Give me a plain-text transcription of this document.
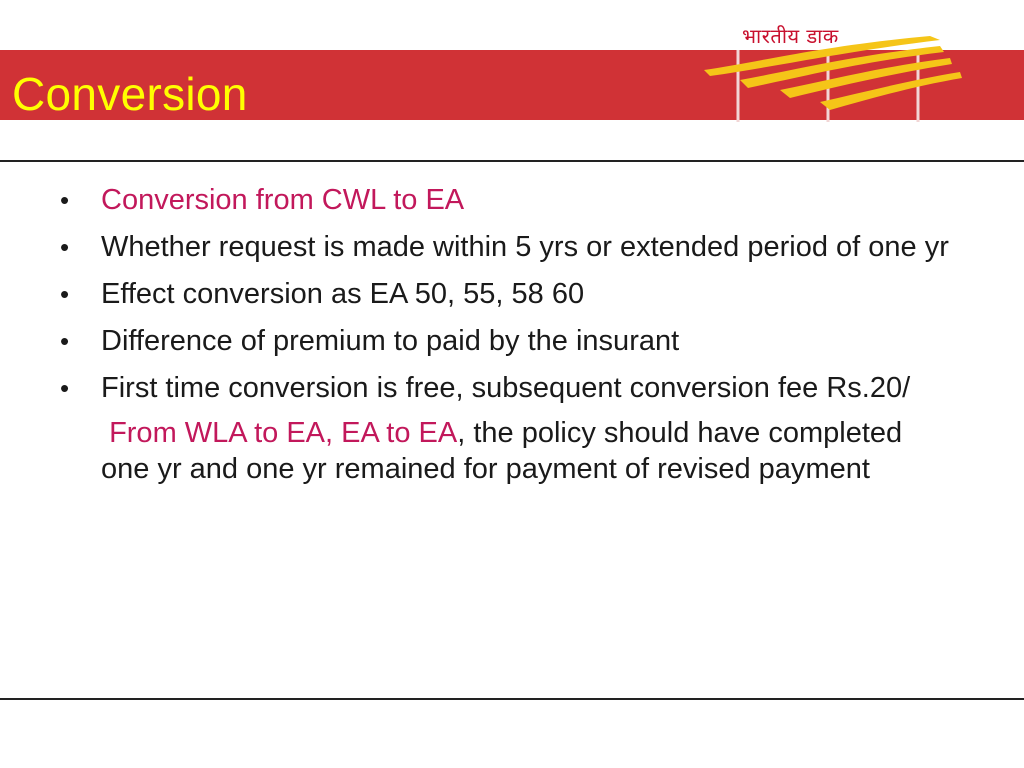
भारतीय डाक
Conversion
•	Conversion from CWL to EA
•	Whether request is made within 5 yrs or extended period of one yr
•	Effect conversion as EA 50, 55, 58 60
•	Difference of premium to paid by the insurant
•	First time conversion is free, subsequent conversion fee Rs.20/
From WLA to EA, EA to EA, the policy should have completed one yr and one yr remained for payment of revised payment
